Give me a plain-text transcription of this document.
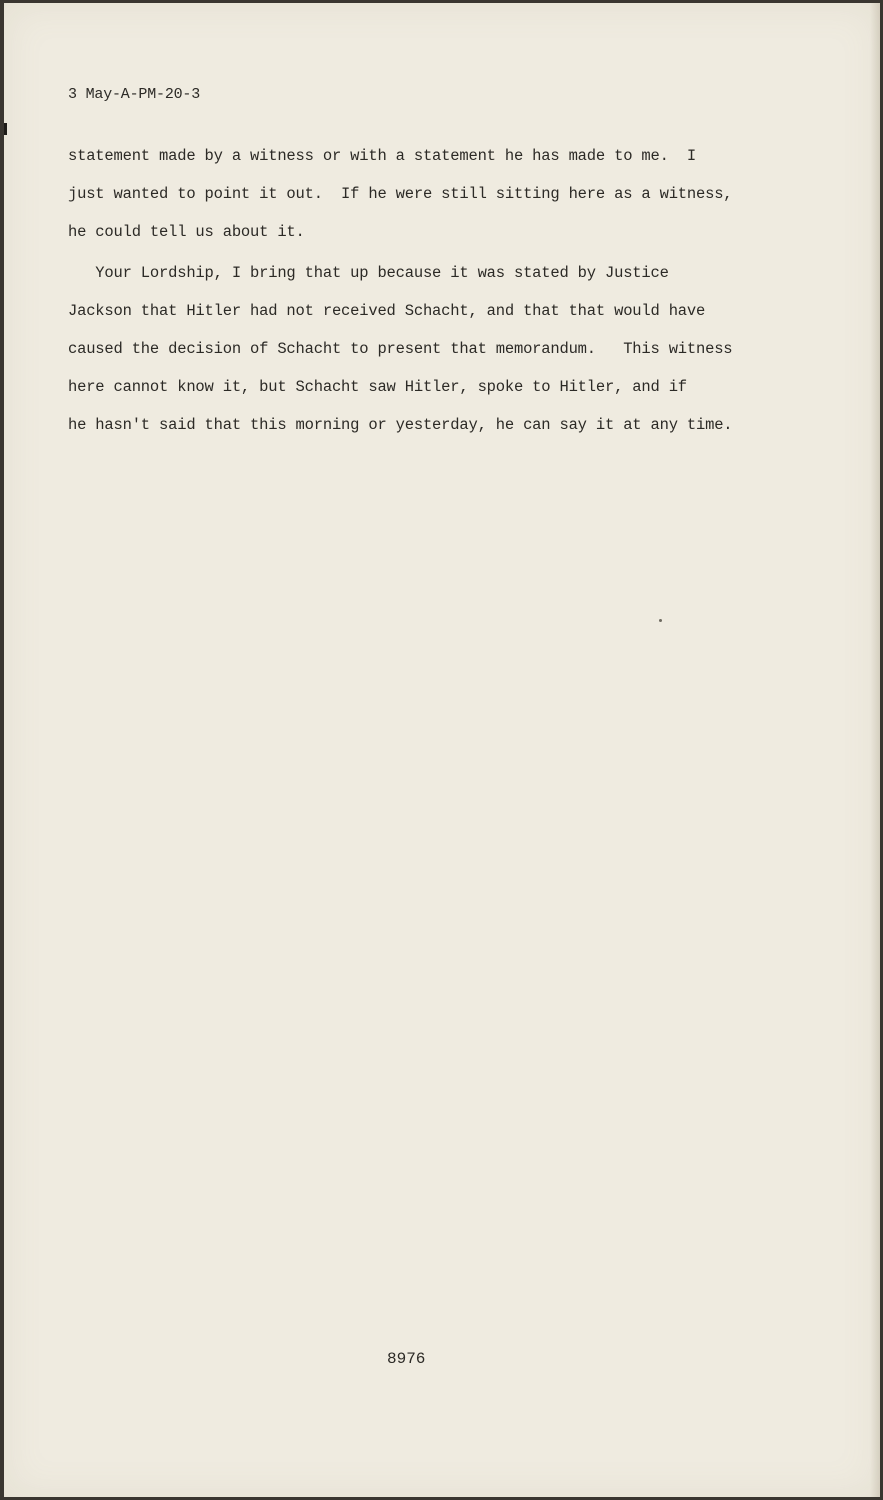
3 May-A-PM-20-3
statement made by a witness or with a statement he has made to me.  I
just wanted to point it out.  If he were still sitting here as a witness,
he could tell us about it.
Your Lordship, I bring that up because it was stated by Justice
Jackson that Hitler had not received Schacht, and that that would have
caused the decision of Schacht to present that memorandum.   This witness
here cannot know it, but Schacht saw Hitler, spoke to Hitler, and if
he hasn't said that this morning or yesterday, he can say it at any time.
8976
